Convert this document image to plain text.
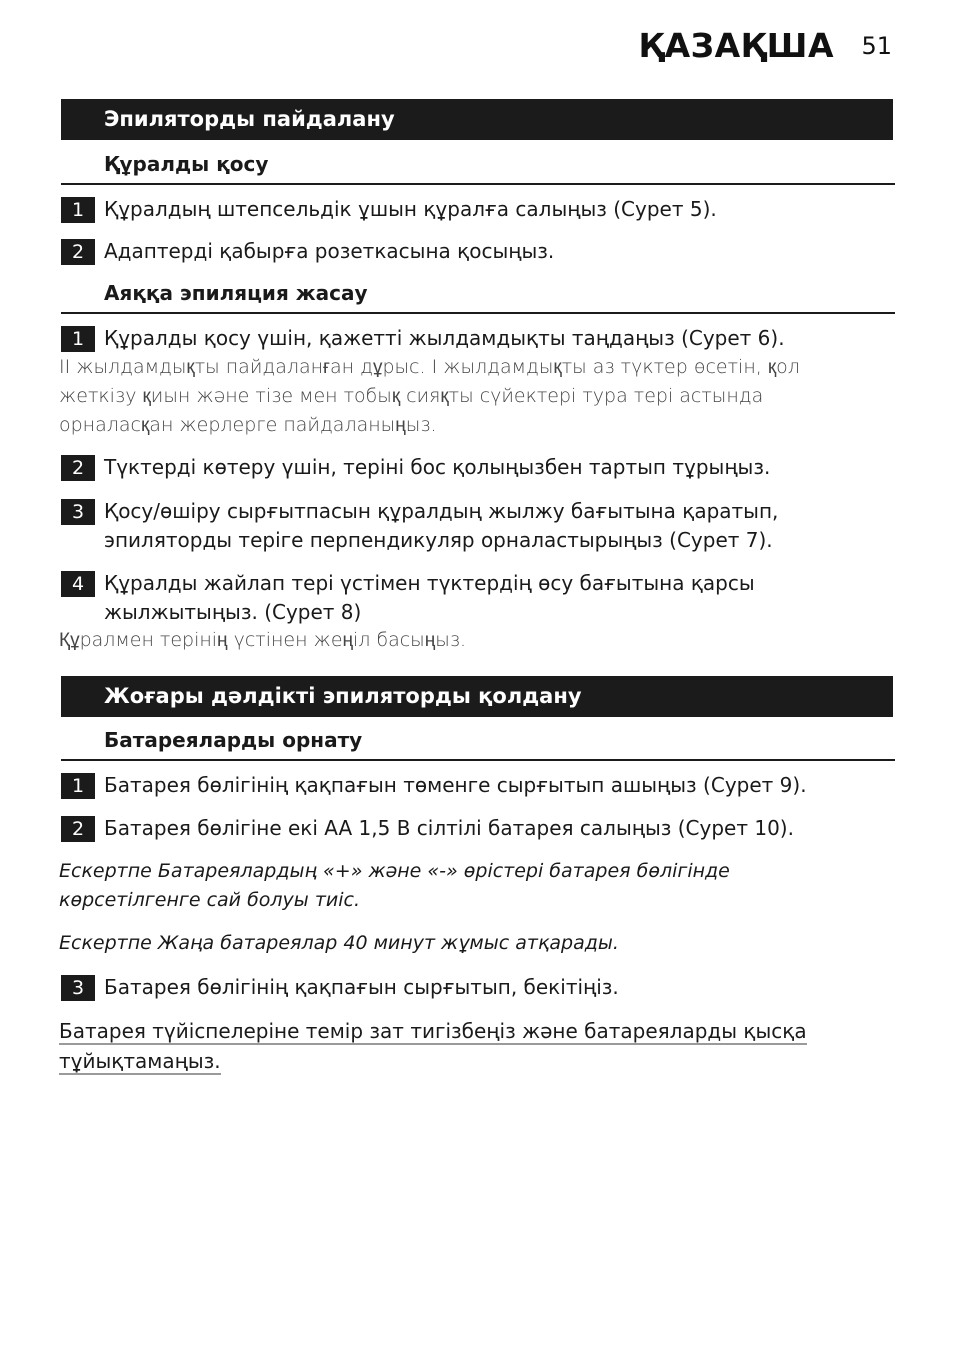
ҚАЗАҚША 51
Эпиляторды пайдалану
Құралды қосу
1 Құралдың штепсельдік ұшын құралға салыңыз (Сурет 5).
2 Адаптерді қабырға розеткасына қосыңыз.
Аяққа эпиляция жасау
1 Құралды қосу үшін, қажетті жылдамдықты таңдаңыз (Сурет 6).
II жылдамдықты пайдаланған дұрыс. I жылдамдықты аз түктер өсетін, қол жеткізу қиын және тізе мен тобық сияқты сүйектері тура тері астында орналасқан жерлерге пайдаланыңыз.
2 Түктерді көтеру үшін, теріні бос қолыңызбен тартып тұрыңыз.
3 Қосу/өшіру сырғытпасын құралдың жылжу бағытына қаратып, эпиляторды теріге перпендикуляр орналастырыңыз (Сурет 7).
4 Құралды жайлап тері үстімен түктердің өсу бағытына қарсы жылжытыңыз. (Сурет 8)
Құралмен терінің үстінен жеңіл басыңыз.
Жоғары дәлдікті эпиляторды қолдану
Батареяларды орнату
1 Батарея бөлігінің қақпағын төменге сырғытып ашыңыз (Сурет 9).
2 Батарея бөлігіне екі AA 1,5 B сілтілі батарея салыңыз (Сурет 10).
Ескертпе Батареялардың «+» және «-» өрістері батарея бөлігінде көрсетілгенге сай болуы тиіс.
Ескертпе Жаңа батареялар 40 минут жұмыс атқарады.
3 Батарея бөлігінің қақпағын сырғытып, бекітіңіз.
Батарея түйіспелеріне темір зат тигізбеңіз және батареяларды қысқа тұйықтамаңыз.
